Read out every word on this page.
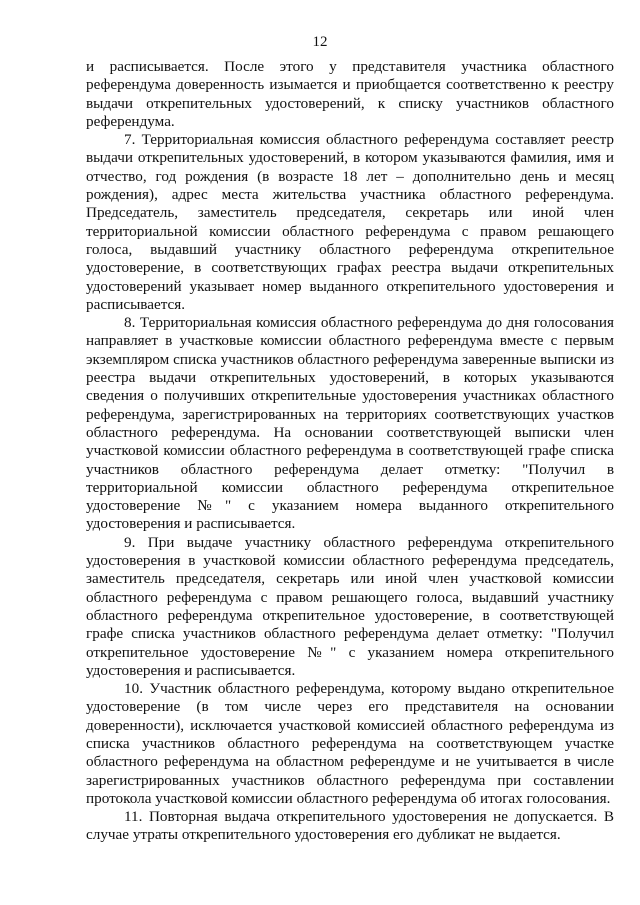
12

и расписывается. После этого у представителя участника областного референдума доверенность изымается и приобщается соответственно к реестру выдачи открепительных удостоверений, к списку участников областного референдума.

7. Территориальная комиссия областного референдума составляет реестр выдачи открепительных удостоверений, в котором указываются фамилия, имя и отчество, год рождения (в возрасте 18 лет – дополнительно день и месяц рождения), адрес места жительства участника областного референдума. Председатель, заместитель председателя, секретарь или иной член территориальной комиссии областного референдума с правом решающего голоса, выдавший участнику областного референдума открепительное удостоверение, в соответствующих графах реестра выдачи открепительных удостоверений указывает номер выданного открепительного удостоверения и расписывается.

8. Территориальная комиссия областного референдума до дня голосования направляет в участковые комиссии областного референдума вместе с первым экземпляром списка участников областного референдума заверенные выписки из реестра выдачи открепительных удостоверений, в которых указываются сведения о получивших открепительные удостоверения участниках областного референдума, зарегистрированных на территориях соответствующих участков областного референдума. На основании соответствующей выписки член участковой комиссии областного референдума в соответствующей графе списка участников областного референдума делает отметку: "Получил в территориальной комиссии областного референдума открепительное удостоверение №" с указанием номера выданного открепительного удостоверения и расписывается.

9. При выдаче участнику областного референдума открепительного удостоверения в участковой комиссии областного референдума председатель, заместитель председателя, секретарь или иной член участковой комиссии областного референдума с правом решающего голоса, выдавший участнику областного референдума открепительное удостоверение, в соответствующей графе списка участников областного референдума делает отметку: "Получил открепительное удостоверение №" с указанием номера открепительного удостоверения и расписывается.

10. Участник областного референдума, которому выдано открепительное удостоверение (в том числе через его представителя на основании доверенности), исключается участковой комиссией областного референдума из списка участников областного референдума на соответствующем участке областного референдума на областном референдуме и не учитывается в числе зарегистрированных участников областного референдума при составлении протокола участковой комиссии областного референдума об итогах голосования.

11. Повторная выдача открепительного удостоверения не допускается. В случае утраты открепительного удостоверения его дубликат не выдается.
